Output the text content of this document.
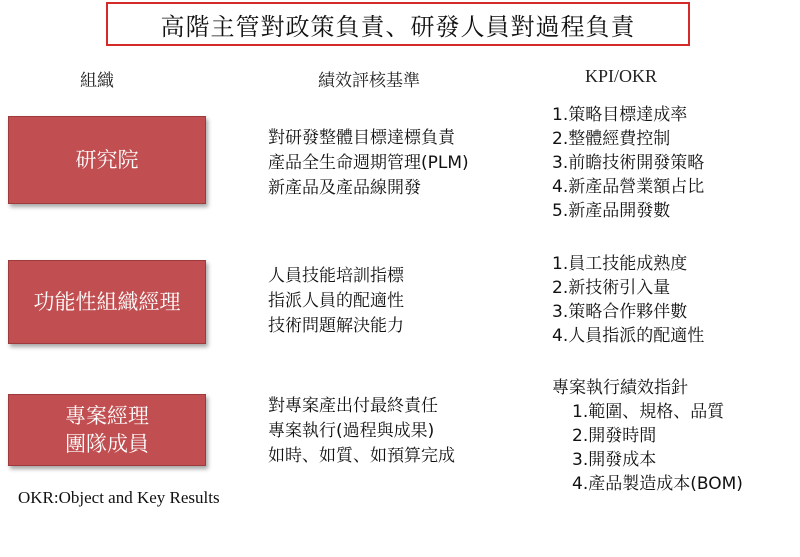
高階主管對政策負責、研發人員對過程負責
組織	績效評核基準	KPI/OKR
研究院
對研發整體目標達標負責
產品全生命週期管理(PLM)
新產品及產品線開發
1.策略目標達成率
2.整體經費控制
3.前瞻技術開發策略
4.新產品營業額占比
5.新產品開發數
功能性組織經理
人員技能培訓指標
指派人員的配適性
技術問題解決能力
1.員工技能成熟度
2.新技術引入量
3.策略合作夥伴數
4.人員指派的配適性
專案經理
團隊成員
對專案產出付最終責任
專案執行(過程與成果)
如時、如質、如預算完成
專案執行績效指針
1.範圍、規格、品質
2.開發時間
3.開發成本
4.產品製造成本(BOM)
OKR:Object and Key Results
